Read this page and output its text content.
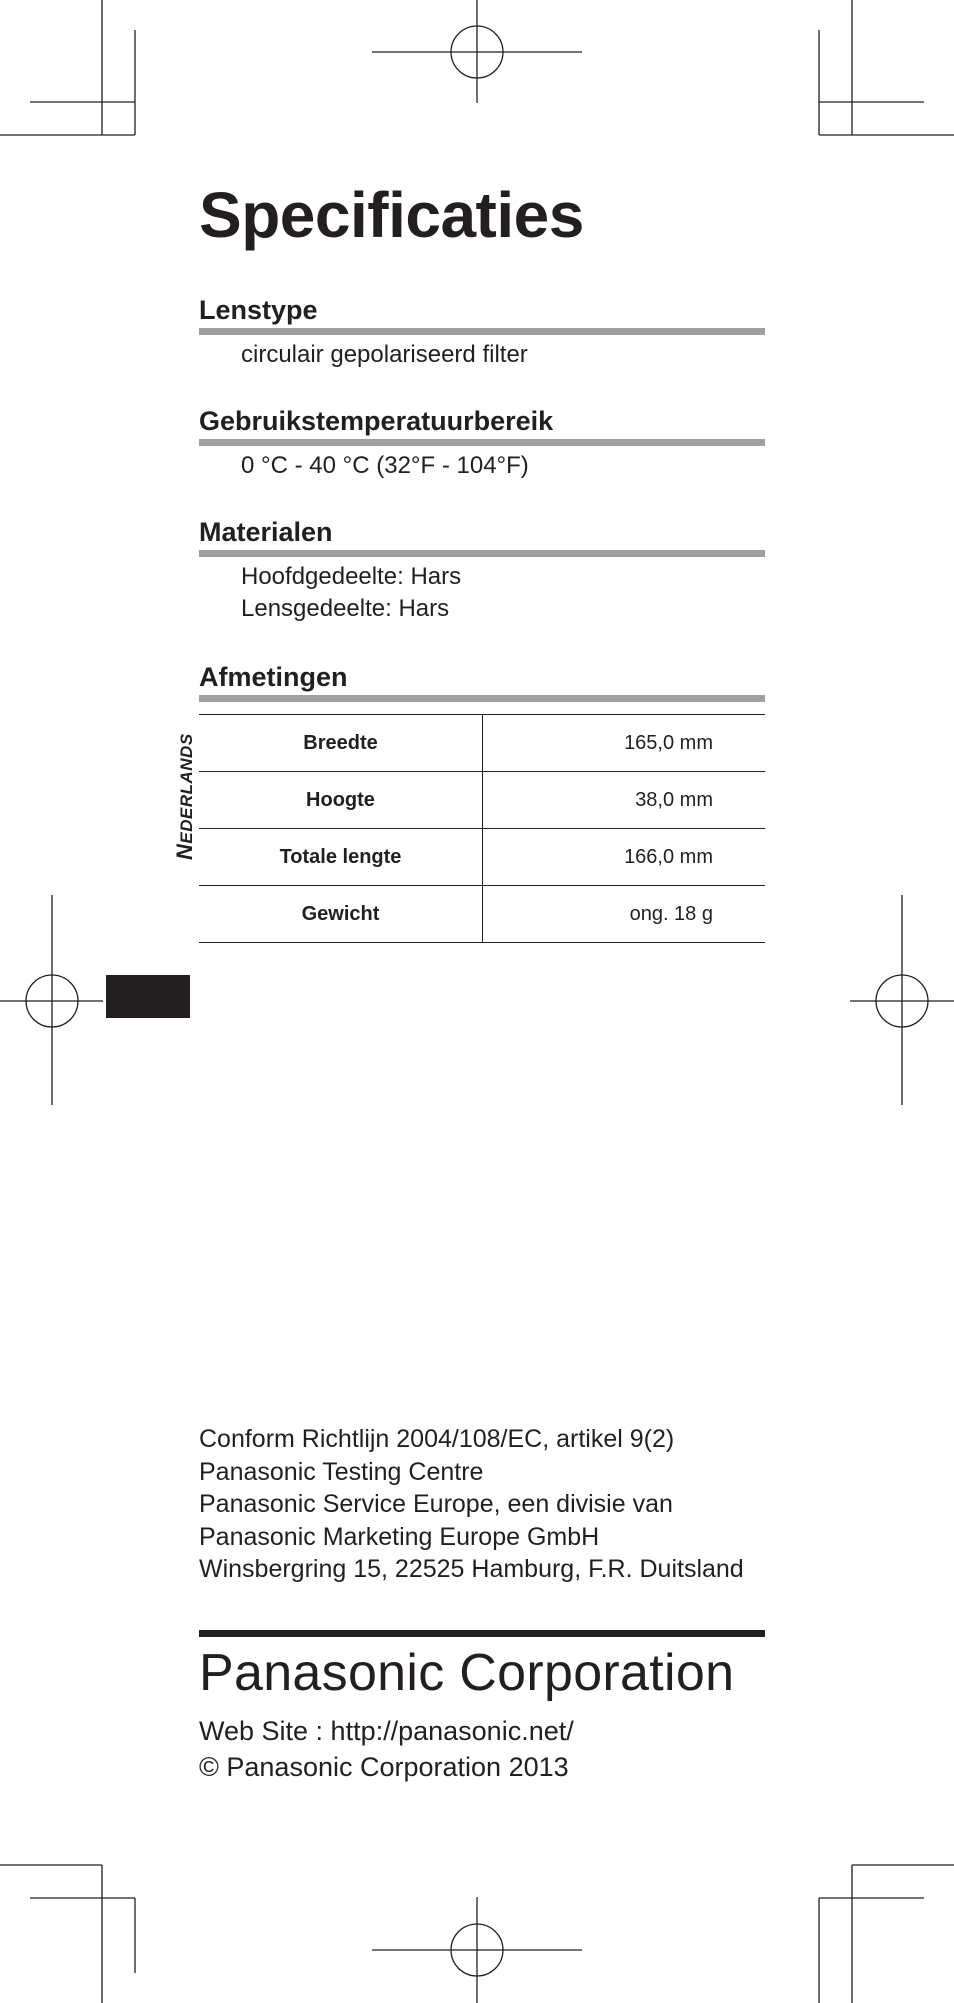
Specificaties
Lenstype
circulair gepolariseerd filter
Gebruikstemperatuurbereik
0 °C - 40 °C (32°F - 104°F)
Materialen
Hoofdgedeelte: Hars
Lensgedeelte: Hars
Afmetingen
Breedte	165,0 mm
Hoogte	38,0 mm
Totale lengte	166,0 mm
Gewicht	ong. 18 g
NEDERLANDS
Conform Richtlijn 2004/108/EC, artikel 9(2)
Panasonic Testing Centre
Panasonic Service Europe, een divisie van
Panasonic Marketing Europe GmbH
Winsbergring 15, 22525 Hamburg, F.R. Duitsland
Panasonic Corporation
Web Site : http://panasonic.net/
© Panasonic Corporation 2013
